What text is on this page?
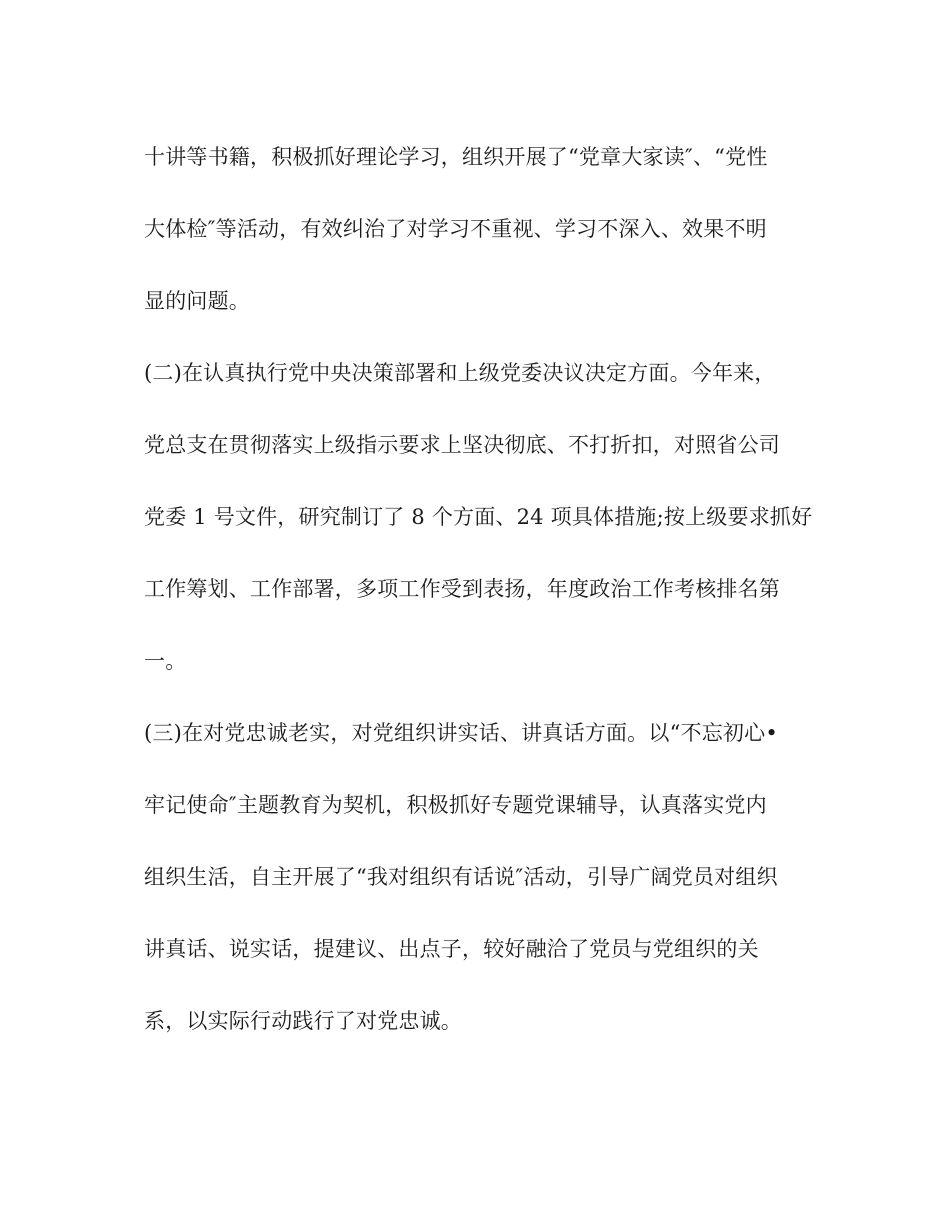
十讲等书籍，积极抓好理论学习，组织开展了“党章大家读″、“党性
大体检″等活动，有效纠治了对学习不重视、学习不深入、效果不明
显的问题。
(二)在认真执行党中央决策部署和上级党委决议决定方面。今年来，
党总支在贯彻落实上级指示要求上坚决彻底、不打折扣，对照省公司
党委 1 号文件，研究制订了 8 个方面、24 项具体措施;按上级要求抓好
工作筹划、工作部署，多项工作受到表扬，年度政治工作考核排名第
一。
(三)在对党忠诚老实，对党组织讲实话、讲真话方面。以“不忘初心•
牢记使命″主题教育为契机，积极抓好专题党课辅导，认真落实党内
组织生活，自主开展了“我对组织有话说″活动，引导广阔党员对组织
讲真话、说实话，提建议、出点子，较好融洽了党员与党组织的关
系，以实际行动践行了对党忠诚。
